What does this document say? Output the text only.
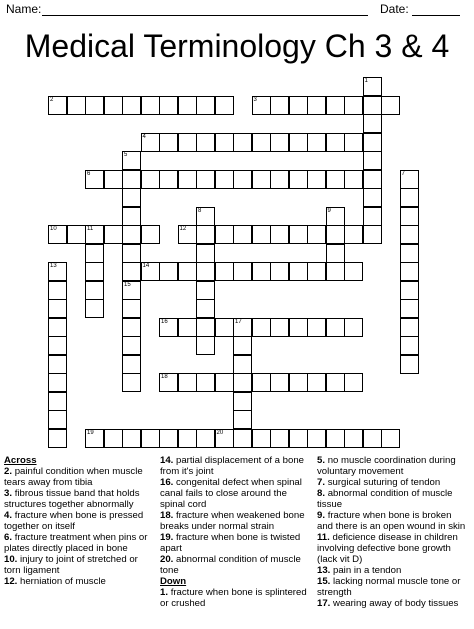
Name:	Date:
Medical Terminology Ch 3 & 4
2	3
4
6
10	11	12
14
16	17
18
19	20
1
5
15
7
8	9
13
Across
2. painful condition when muscle tears away from tibia
3. fibrous tissue band that holds structures together abnormally
4. fracture when bone is pressed together on itself
6. fracture treatment when pins or plates directly placed in bone
10. injury to joint of stretched or torn ligament
12. herniation of muscle
14. partial displacement of a bone from it's joint
16. congenital defect when spinal canal fails to close around the spinal cord
18. fracture when weakened bone breaks under normal strain
19. fracture when bone is twisted apart
20. abnormal condition of muscle tone
Down
1. fracture when bone is splintered or crushed
5. no muscle coordination during voluntary movement
7. surgical suturing of tendon
8. abnormal condition of muscle tissue
9. fracture when bone is broken and there is an open wound in skin
11. deficience disease in children involving defective bone growth (lack vit D)
13. pain in a tendon
15. lacking normal muscle tone or strength
17. wearing away of body tissues
